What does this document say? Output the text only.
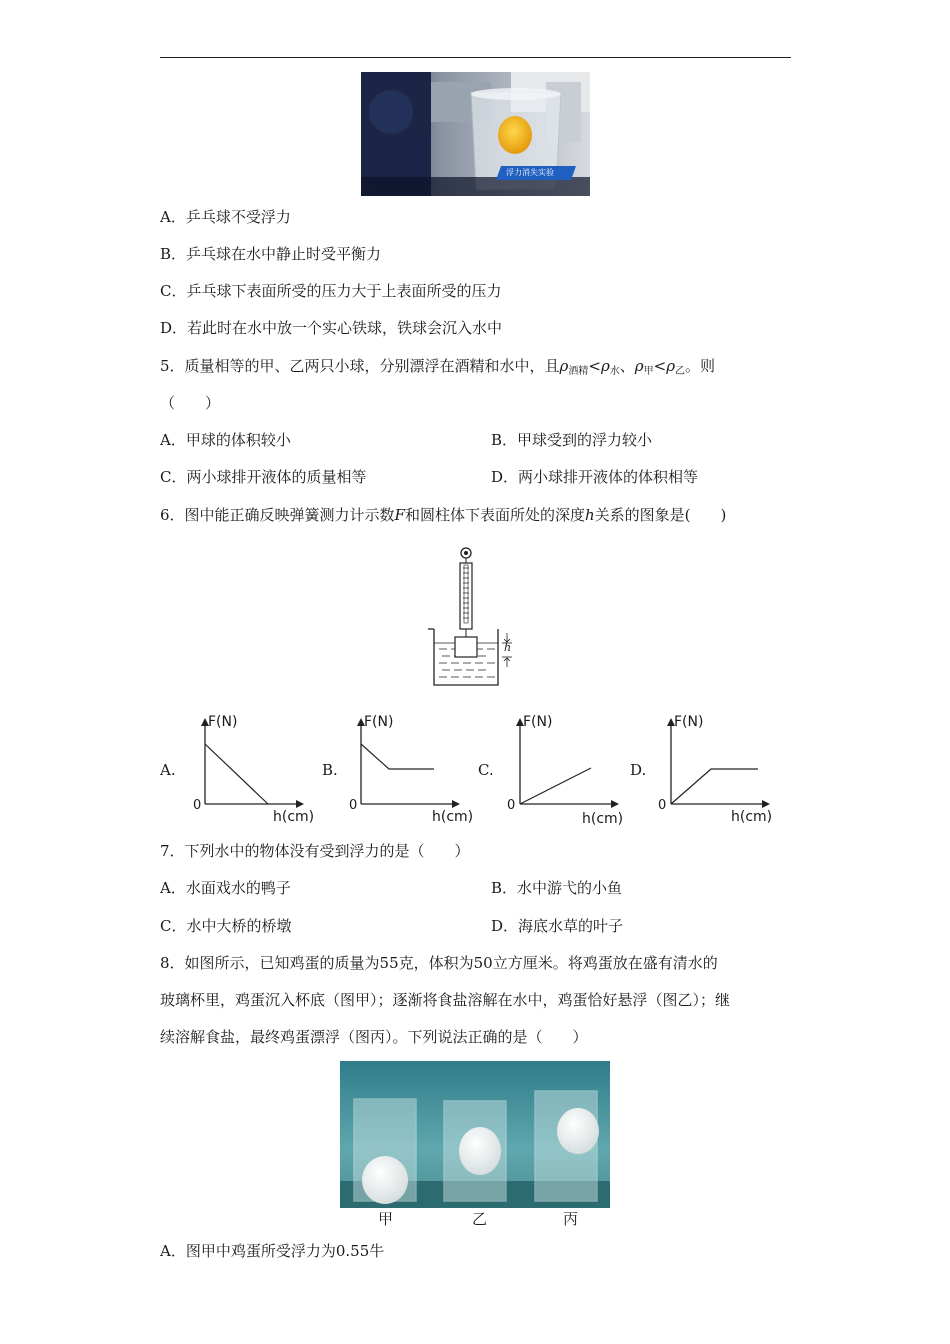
浮力消失实验
A．乒乓球不受浮力
B．乒乓球在水中静止时受平衡力
C．乒乓球下表面所受的压力大于上表面所受的压力
D．若此时在水中放一个实心铁球，铁球会沉入水中
5．质量相等的甲、乙两只小球，分别漂浮在酒精和水中，且$\rho_{酒精}<\rho_水$、$\rho_甲<\rho_乙$。则
（　　）
A．甲球的体积较小	B．甲球受到的浮力较小
C．两小球排开液体的质量相等	D．两小球排开液体的体积相等
6．图中能正确反映弹簧测力计示数F和圆柱体下表面所处的深度h关系的图象是(　　)
h
A.
F(N)
0
h(cm)
B.
F(N)
0
h(cm)
C.
F(N)
0
h(cm)
D.
F(N)
0
h(cm)
7．下列水中的物体没有受到浮力的是（　　）
A．水面戏水的鸭子	B．水中游弋的小鱼
C．水中大桥的桥墩	D．海底水草的叶子
8．如图所示，已知鸡蛋的质量为55克，体积为50立方厘米。将鸡蛋放在盛有清水的
玻璃杯里，鸡蛋沉入杯底（图甲）；逐渐将食盐溶解在水中，鸡蛋恰好悬浮（图乙）；继
续溶解食盐，最终鸡蛋漂浮（图丙）。下列说法正确的是（　　）
甲	乙	丙
A．图甲中鸡蛋所受浮力为0.55牛
